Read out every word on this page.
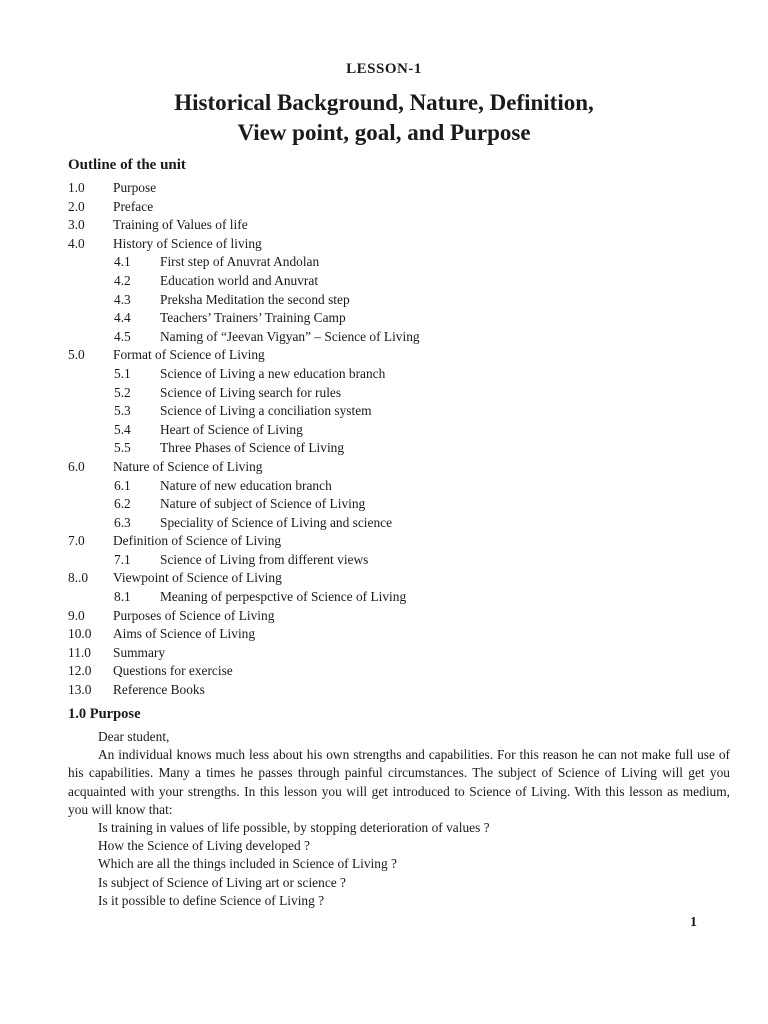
LESSON-1
Historical Background, Nature, Definition,
View point, goal, and Purpose
Outline of the unit
1.0 Purpose
2.0 Preface
3.0 Training of Values of life
4.0 History of Science of living
4.1 First step of Anuvrat Andolan
4.2 Education world and Anuvrat
4.3 Preksha Meditation the second step
4.4 Teachers’ Trainers’ Training Camp
4.5 Naming of “Jeevan Vigyan” – Science of Living
5.0 Format of Science of Living
5.1 Science of Living a new education branch
5.2 Science of Living search for rules
5.3 Science of Living a conciliation system
5.4 Heart of Science of Living
5.5 Three Phases of Science of Living
6.0 Nature of Science of Living
6.1 Nature of new education branch
6.2 Nature of subject of Science of Living
6.3 Speciality of Science of Living and science
7.0 Definition of Science of Living
7.1 Science of Living from different views
8..0 Viewpoint of Science of Living
8.1 Meaning of perpespctive of Science of Living
9.0 Purposes of Science of Living
10.0 Aims of Science of Living
11.0 Summary
12.0 Questions for exercise
13.0 Reference Books
1.0 Purpose

Dear student,

An individual knows much less about his own strengths and capabilities. For this reason he can not make full use of his capabilities. Many a times he passes through painful circumstances. The subject of Science of Living will get you acquainted with your strengths. In this lesson you will get introduced to Science of Living. With this lesson as medium, you will know that:

Is training in values of life possible, by stopping deterioration of values ?

How the Science of Living developed ?

Which are all the things included in Science of Living ?

Is subject of Science of Living art or science ?

Is it possible to define Science of Living ?

1
